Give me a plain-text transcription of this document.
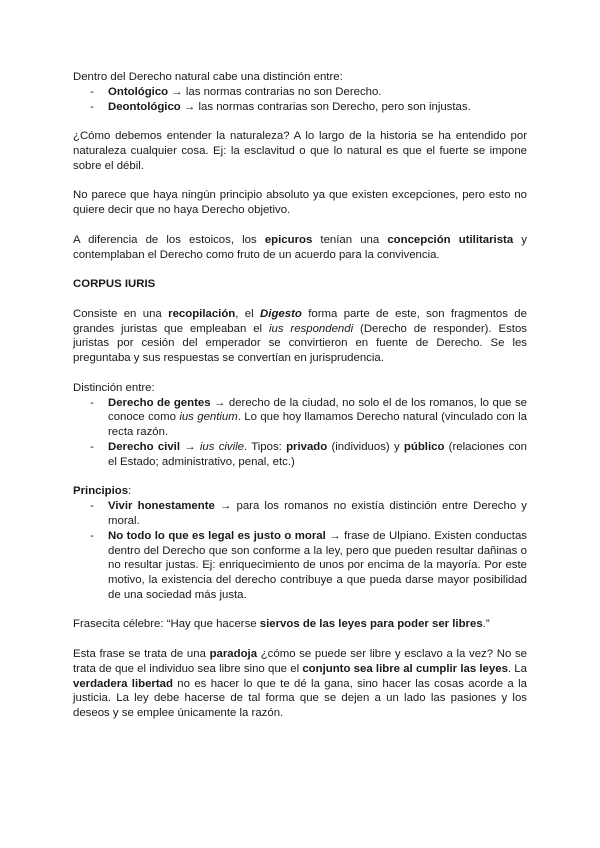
Dentro del Derecho natural cabe una distinción entre:

- Ontológico → las normas contrarias no son Derecho.
- Deontológico → las normas contrarias son Derecho, pero son injustas.

¿Cómo debemos entender la naturaleza? A lo largo de la historia se ha entendido por naturaleza cualquier cosa. Ej: la esclavitud o que lo natural es que el fuerte se impone sobre el débil.

No parece que haya ningún principio absoluto ya que existen excepciones, pero esto no quiere decir que no haya Derecho objetivo.

A diferencia de los estoicos, los epicuros tenían una concepción utilitarista y contemplaban el Derecho como fruto de un acuerdo para la convivencia.

CORPUS IURIS

Consiste en una recopilación, el Digesto forma parte de este, son fragmentos de grandes juristas que empleaban el ius respondendi (Derecho de responder). Estos juristas por cesión del emperador se convirtieron en fuente de Derecho. Se les preguntaba y sus respuestas se convertían en jurisprudencia.

Distinción entre:

- Derecho de gentes → derecho de la ciudad, no solo el de los romanos, lo que se conoce como ius gentium. Lo que hoy llamamos Derecho natural (vinculado con la recta razón.
- Derecho civil → ius civile. Tipos: privado (individuos) y público (relaciones con el Estado; administrativo, penal, etc.)

Principios:

- Vivir honestamente → para los romanos no existía distinción entre Derecho y moral.
- No todo lo que es legal es justo o moral → frase de Ulpiano. Existen conductas dentro del Derecho que son conforme a la ley, pero que pueden resultar dañinas o no resultar justas. Ej: enriquecimiento de unos por encima de la mayoría. Por este motivo, la existencia del derecho contribuye a que pueda darse mayor posibilidad de una sociedad más justa.

Frasecita célebre: “Hay que hacerse siervos de las leyes para poder ser libres.”

Esta frase se trata de una paradoja ¿cómo se puede ser libre y esclavo a la vez? No se trata de que el individuo sea libre sino que el conjunto sea libre al cumplir las leyes. La verdadera libertad no es hacer lo que te dé la gana, sino hacer las cosas acorde a la justicia. La ley debe hacerse de tal forma que se dejen a un lado las pasiones y los deseos y se emplee únicamente la razón.
